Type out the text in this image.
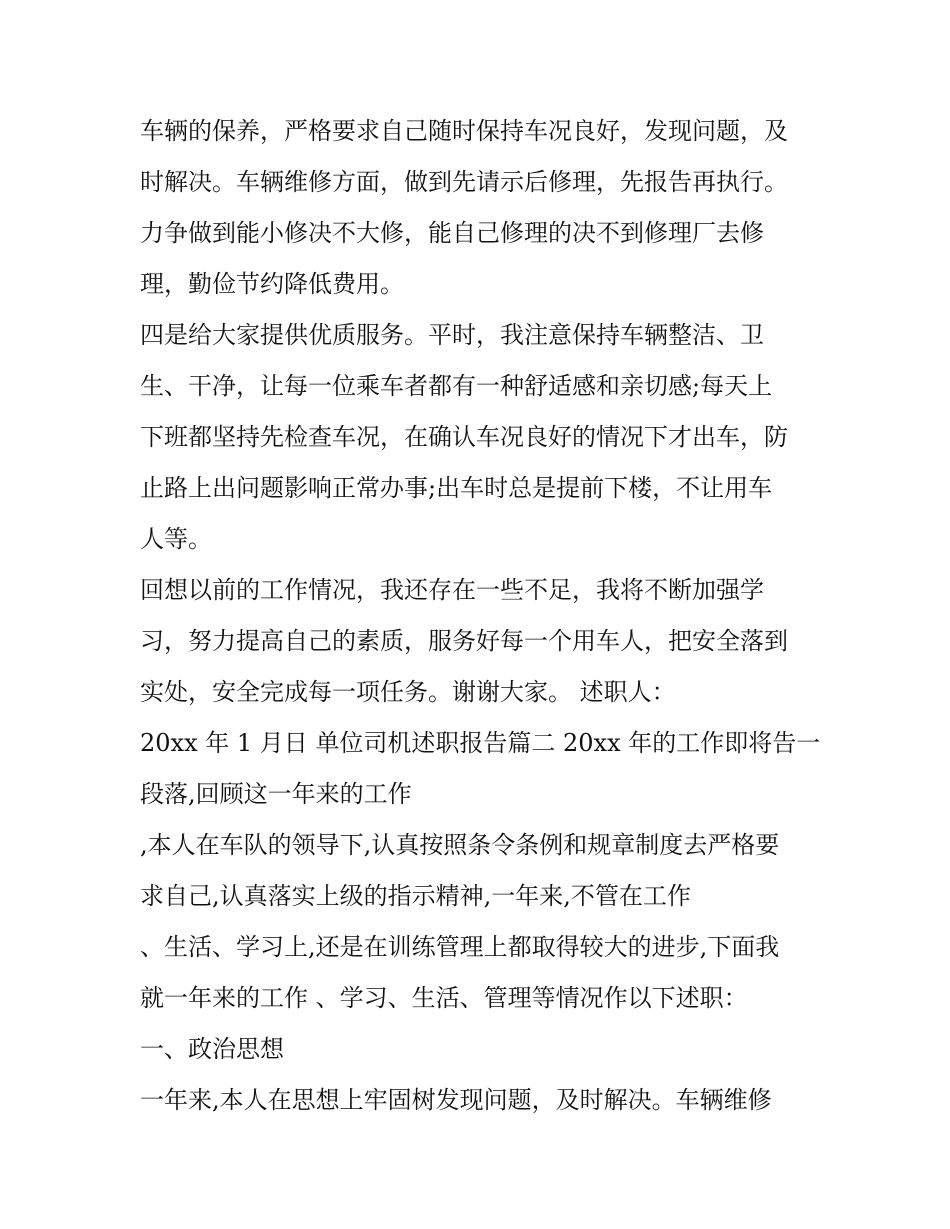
车辆的保养，严格要求自己随时保持车况良好，发现问题，及
时解决。车辆维修方面，做到先请示后修理，先报告再执行。
力争做到能小修决不大修，能自己修理的决不到修理厂去修
理，勤俭节约降低费用。
四是给大家提供优质服务。平时，我注意保持车辆整洁、卫
生、干净，让每一位乘车者都有一种舒适感和亲切感;每天上
下班都坚持先检查车况，在确认车况良好的情况下才出车，防
止路上出问题影响正常办事;出车时总是提前下楼，不让用车
人等。
回想以前的工作情况，我还存在一些不足，我将不断加强学
习，努力提高自己的素质，服务好每一个用车人，把安全落到
实处，安全完成每一项任务。谢谢大家。 述职人：
20xx 年 1 月日 单位司机述职报告篇二 20xx 年的工作即将告一
段落,回顾这一年来的工作
,本人在车队的领导下,认真按照条令条例和规章制度去严格要
求自己,认真落实上级的指示精神,一年来,不管在工作
、生活、学习上,还是在训练管理上都取得较大的进步,下面我
就一年来的工作 、学习、生活、管理等情况作以下述职：
一、政治思想
一年来,本人在思想上牢固树发现问题，及时解决。车辆维修
